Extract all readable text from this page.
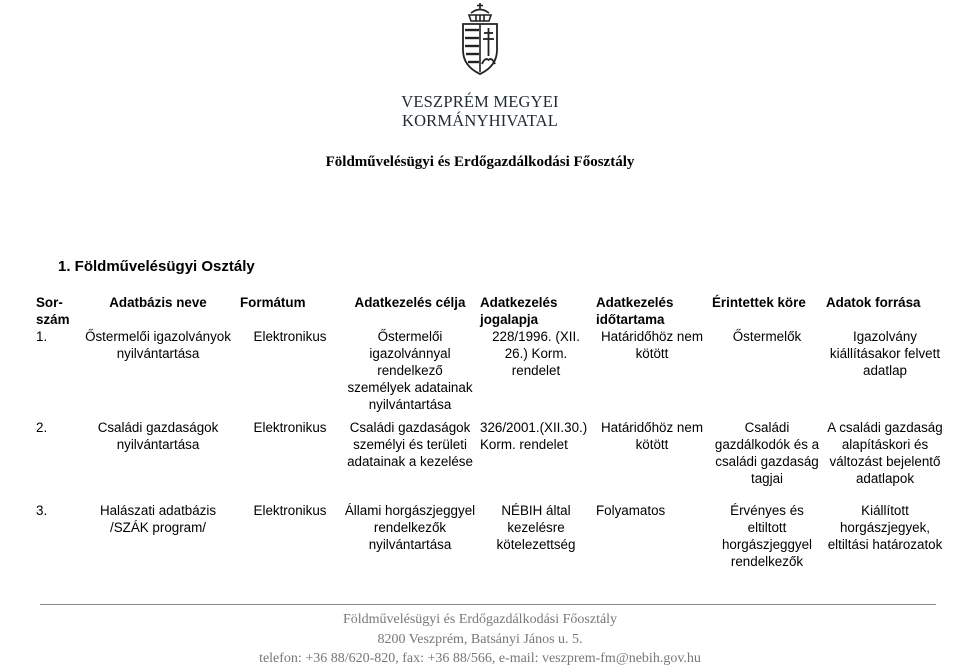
VESZPRÉM MEGYEI
KORMÁNYHIVATAL
Földművelésügyi és Erdőgazdálkodási Főosztály
1. Földművelésügyi Osztály
Sor-szám	Adatbázis neve	Formátum	Adatkezelés célja	Adatkezelés jogalapja	Adatkezelés időtartama	Érintettek köre	Adatok forrása

1.	Őstermelői igazolványok nyilvántartása	Elektronikus	Őstermelői igazolvánnyal rendelkező személyek adatainak nyilvántartása	228/1996. (XII. 26.) Korm. rendelet	Határidőhöz nem kötött	Őstermelők	Igazolvány kiállításakor felvett adatlap
2.	Családi gazdaságok nyilvántartása	Elektronikus	Családi gazdaságok személyi és területi adatainak a kezelése	326/2001.(XII.30.) Korm. rendelet	Határidőhöz nem kötött	Családi gazdálkodók és a családi gazdaság tagjai	A családi gazdaság alapításkori és változást bejelentő adatlapok
3.	Halászati adatbázis /SZÁK program/	Elektronikus	Állami horgászjeggyel rendelkezők nyilvántartása	NÉBIH által kezelésre kötelezettség	Folyamatos	Érvényes és eltiltott horgászjeggyel rendelkezők	Kiállított horgászjegyek, eltiltási határozatok
Földművelésügyi és Erdőgazdálkodási Főosztály
8200 Veszprém, Batsányi János u. 5.
telefon: +36 88/620-820, fax: +36 88/566, e-mail: veszprem-fm@nebih.gov.hu
